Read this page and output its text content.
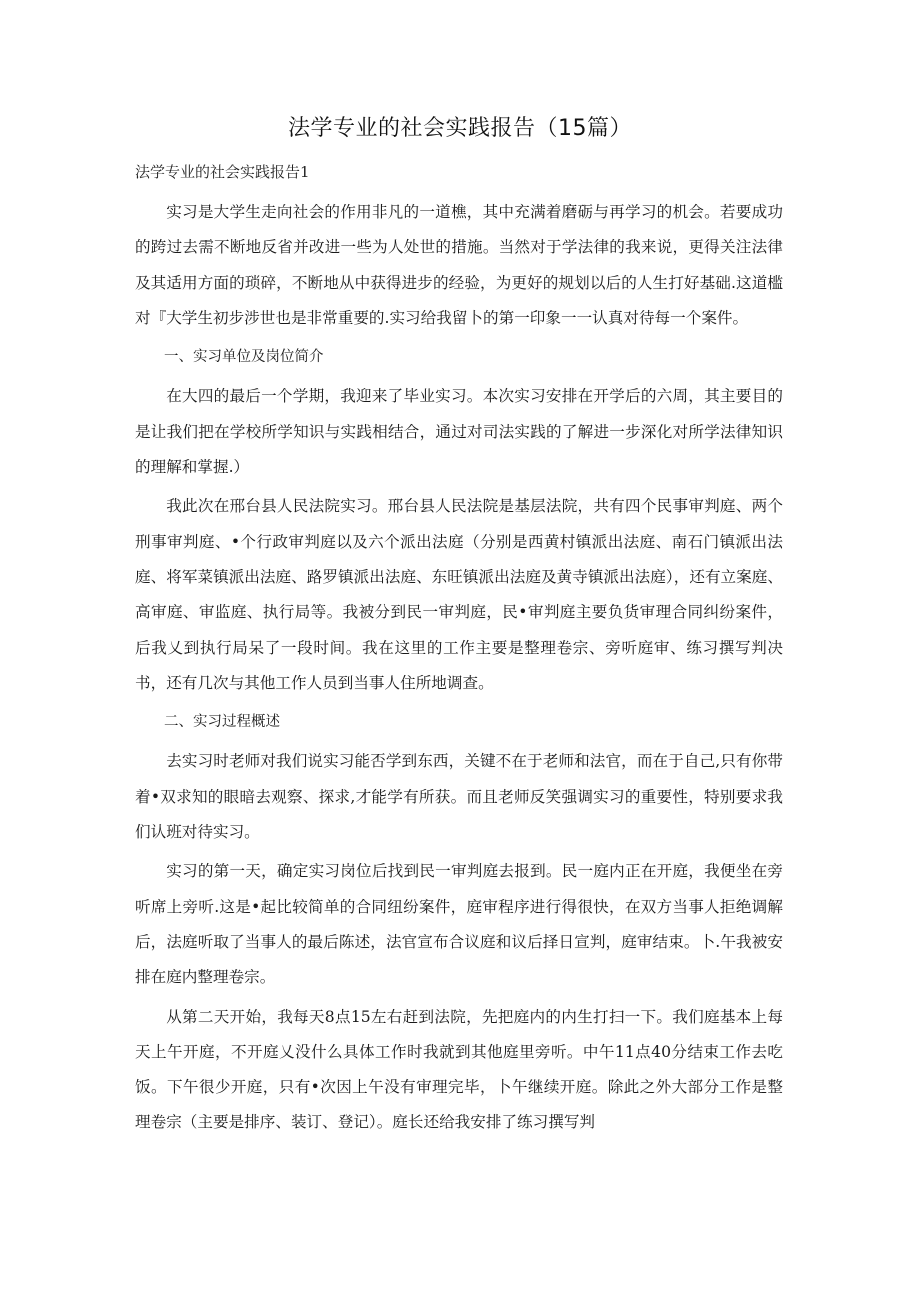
法学专业的社会实践报告（15篇）

法学专业的社会实践报告1

实习是大学生走向社会的作用非凡的一道樵，其中充满着磨砺与再学习的机会。若要成功的跨过去需不断地反省并改进一些为人处世的措施。当然对于学法律的我来说，更得关注法律及其适用方面的琐碎，不断地从中获得进步的经验，为更好的规划以后的人生打好基础.这道槛对『大学生初步涉世也是非常重要的.实习给我留卜的第一印象一一认真对待每一个案件。

一、实习单位及岗位简介

在大四的最后一个学期，我迎来了毕业实习。本次实习安排在开学后的六周，其主要目的是让我们把在学校所学知识与实践相结合，通过对司法实践的了解进一步深化对所学法律知识的理解和掌握.）

我此次在邢台县人民法院实习。邢台县人民法院是基层法院，共有四个民事审判庭、两个刑事审判庭、•个行政审判庭以及六个派出法庭（分别是西黄村镇派出法庭、南石门镇派出法庭、将军菜镇派出法庭、路罗镇派出法庭、东旺镇派出法庭及黄寺镇派出法庭），还有立案庭、高审庭、审监庭、执行局等。我被分到民一审判庭，民•审判庭主要负货审理合同纠纷案件，后我乂到执行局呆了一段时间。我在这里的工作主要是整理卷宗、旁听庭审、练习撰写判决书，还有几次与其他工作人员到当事人住所地调查。

二、实习过程概述

去实习时老师对我们说实习能否学到东西，关键不在于老师和法官，而在于自己,只有你带着•双求知的眼暗去观察、探求,才能学有所获。而且老师反笑强调实习的重要性，特别要求我们认班对待实习。

实习的第一天，确定实习岗位后找到民一审判庭去报到。民一庭内正在开庭，我便坐在旁听席上旁听.这是•起比较简单的合同纽纷案件，庭审程序进行得很快，在双方当事人拒绝调解后，法庭听取了当事人的最后陈述，法官宣布合议庭和议后择日宣判，庭审结束。卜.午我被安排在庭内整理卷宗。

从第二天开始，我每天8点15左右赶到法院，先把庭内的内生打扫一下。我们庭基本上每天上午开庭，不开庭乂没什么具体工作时我就到其他庭里旁听。中午11点40分结束工作去吃饭。下午很少开庭，只有•次因上午没有审理完毕，卜午继续开庭。除此之外大部分工作是整理卷宗（主要是排序、装订、登记）。庭长还给我安排了练习撰写判
